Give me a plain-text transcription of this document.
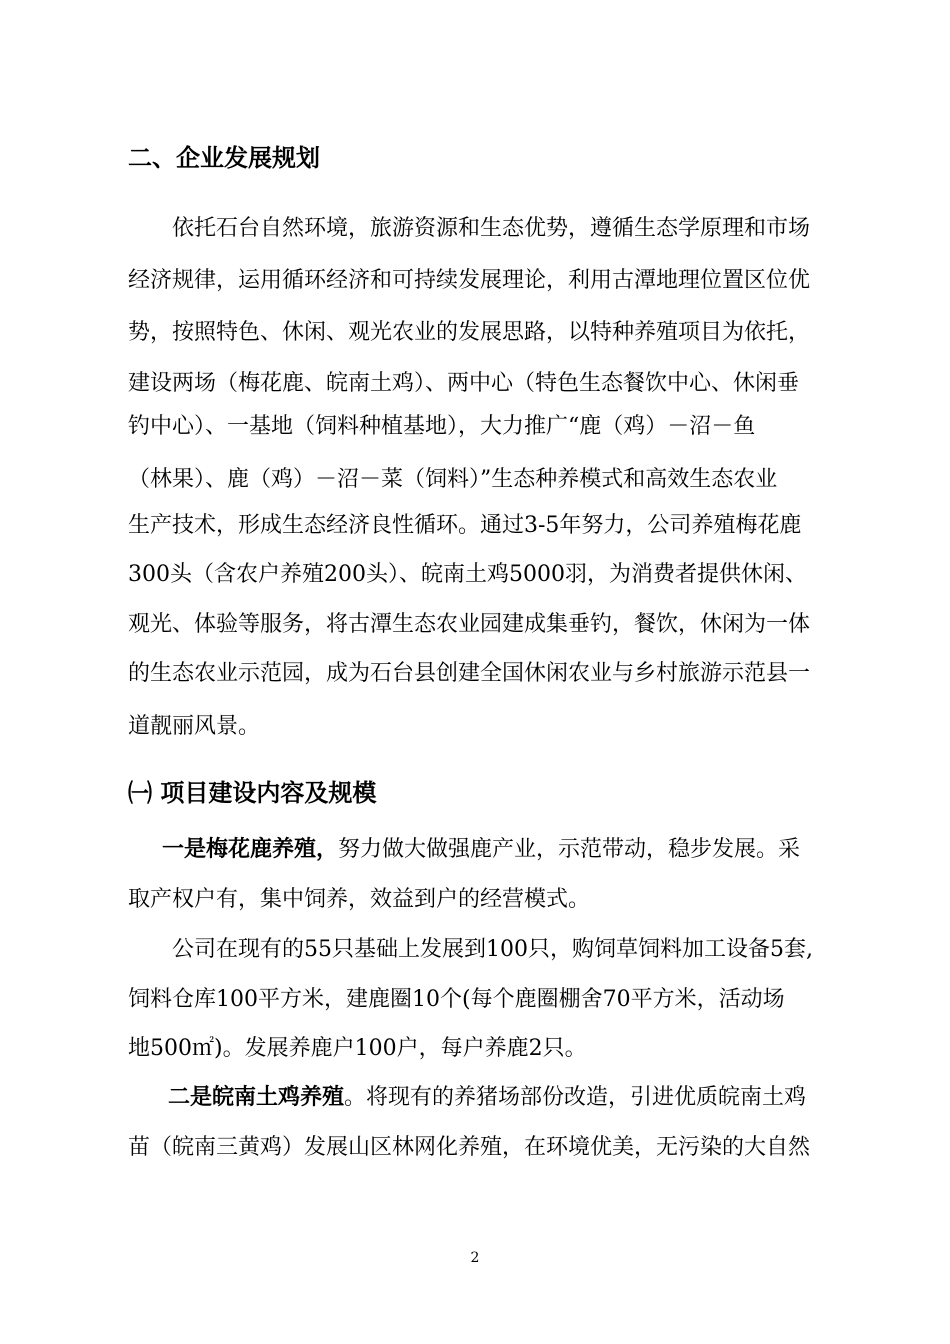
二、企业发展规划
　　依托石台自然环境，旅游资源和生态优势，遵循生态学原理和市场
经济规律，运用循环经济和可持续发展理论，利用古潭地理位置区位优
势，按照特色、休闲、观光农业的发展思路，以特种养殖项目为依托，
建设两场（梅花鹿、皖南土鸡）、两中心（特色生态餐饮中心、休闲垂
钓中心）、一基地（饲料种植基地），大力推广“鹿（鸡）－沼－鱼
（林果）、鹿（鸡）－沼－菜（饲料）”生态种养模式和高效生态农业
生产技术，形成生态经济良性循环。通过3-5年努力，公司养殖梅花鹿
300头（含农户养殖200头）、皖南土鸡5000羽，为消费者提供休闲、
观光、体验等服务，将古潭生态农业园建成集垂钓，餐饮，休闲为一体
的生态农业示范园，成为石台县创建全国休闲农业与乡村旅游示范县一
道靓丽风景。
㈠ 项目建设内容及规模
一是梅花鹿养殖，努力做大做强鹿产业，示范带动，稳步发展。采
取产权户有，集中饲养，效益到户的经营模式。
　　公司在现有的55只基础上发展到100只，购饲草饲料加工设备5套,
饲料仓库100平方米，建鹿圈10个(每个鹿圈棚舍70平方米，活动场
地500㎡)。发展养鹿户100户，每户养鹿2只。
二是皖南土鸡养殖。将现有的养猪场部份改造，引进优质皖南土鸡
苗（皖南三黄鸡）发展山区林网化养殖，在环境优美，无污染的大自然
2
